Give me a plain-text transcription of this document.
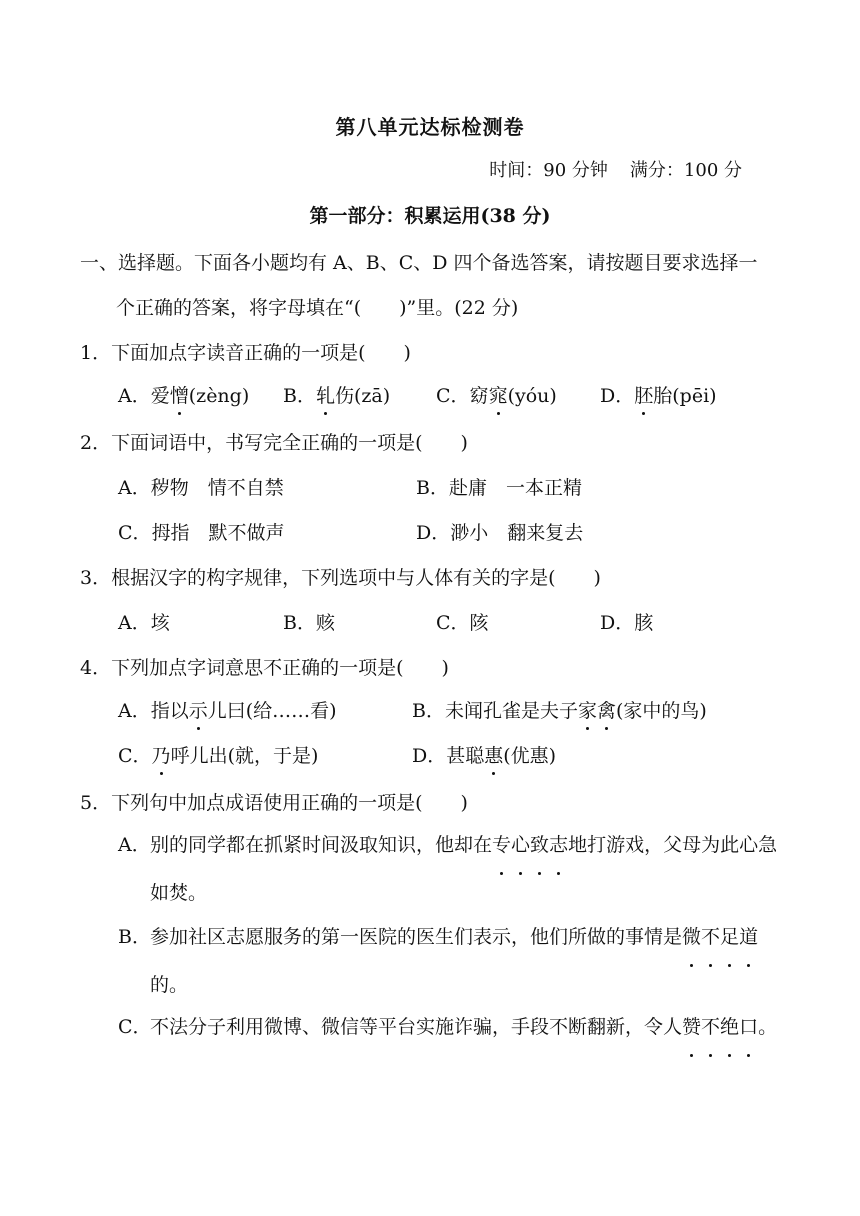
第八单元达标检测卷
时间：90 分钟 满分：100 分
第一部分：积累运用(38 分)
一、选择题。下面各小题均有 A、B、C、D 四个备选答案，请按题目要求选择一
个正确的答案，将字母填在“(　　)”里。(22 分)
1．下面加点字读音正确的一项是(　　)
A．爱憎(zèng) B．轧伤(zā) C．窈窕(yóu) D．胚胎(pēi)
2．下面词语中，书写完全正确的一项是(　　)
A．秽物　情不自禁	B．赴庸　一本正精
C．拇指　默不做声	D．渺小　翻来复去
3．根据汉字的构字规律，下列选项中与人体有关的字是(　　)
A．垓	B．赅	C．陔	D．胲
4．下列加点字词意思不正确的一项是(　　)
A．指以示儿曰(给……看)	B．未闻孔雀是夫子家禽(家中的鸟)
C．乃呼儿出(就，于是)	D．甚聪惠(优惠)
5．下列句中加点成语使用正确的一项是(　　)
A． 别的同学都在抓紧时间汲取知识，他却在专心致志地打游戏，父母为此心急如焚。
B． 参加社区志愿服务的第一医院的医生们表示，他们所做的事情是微不足道的。
C．
不法分子利用微博、微信等平台实施诈骗，手段不断翻新，令人赞不绝口。
